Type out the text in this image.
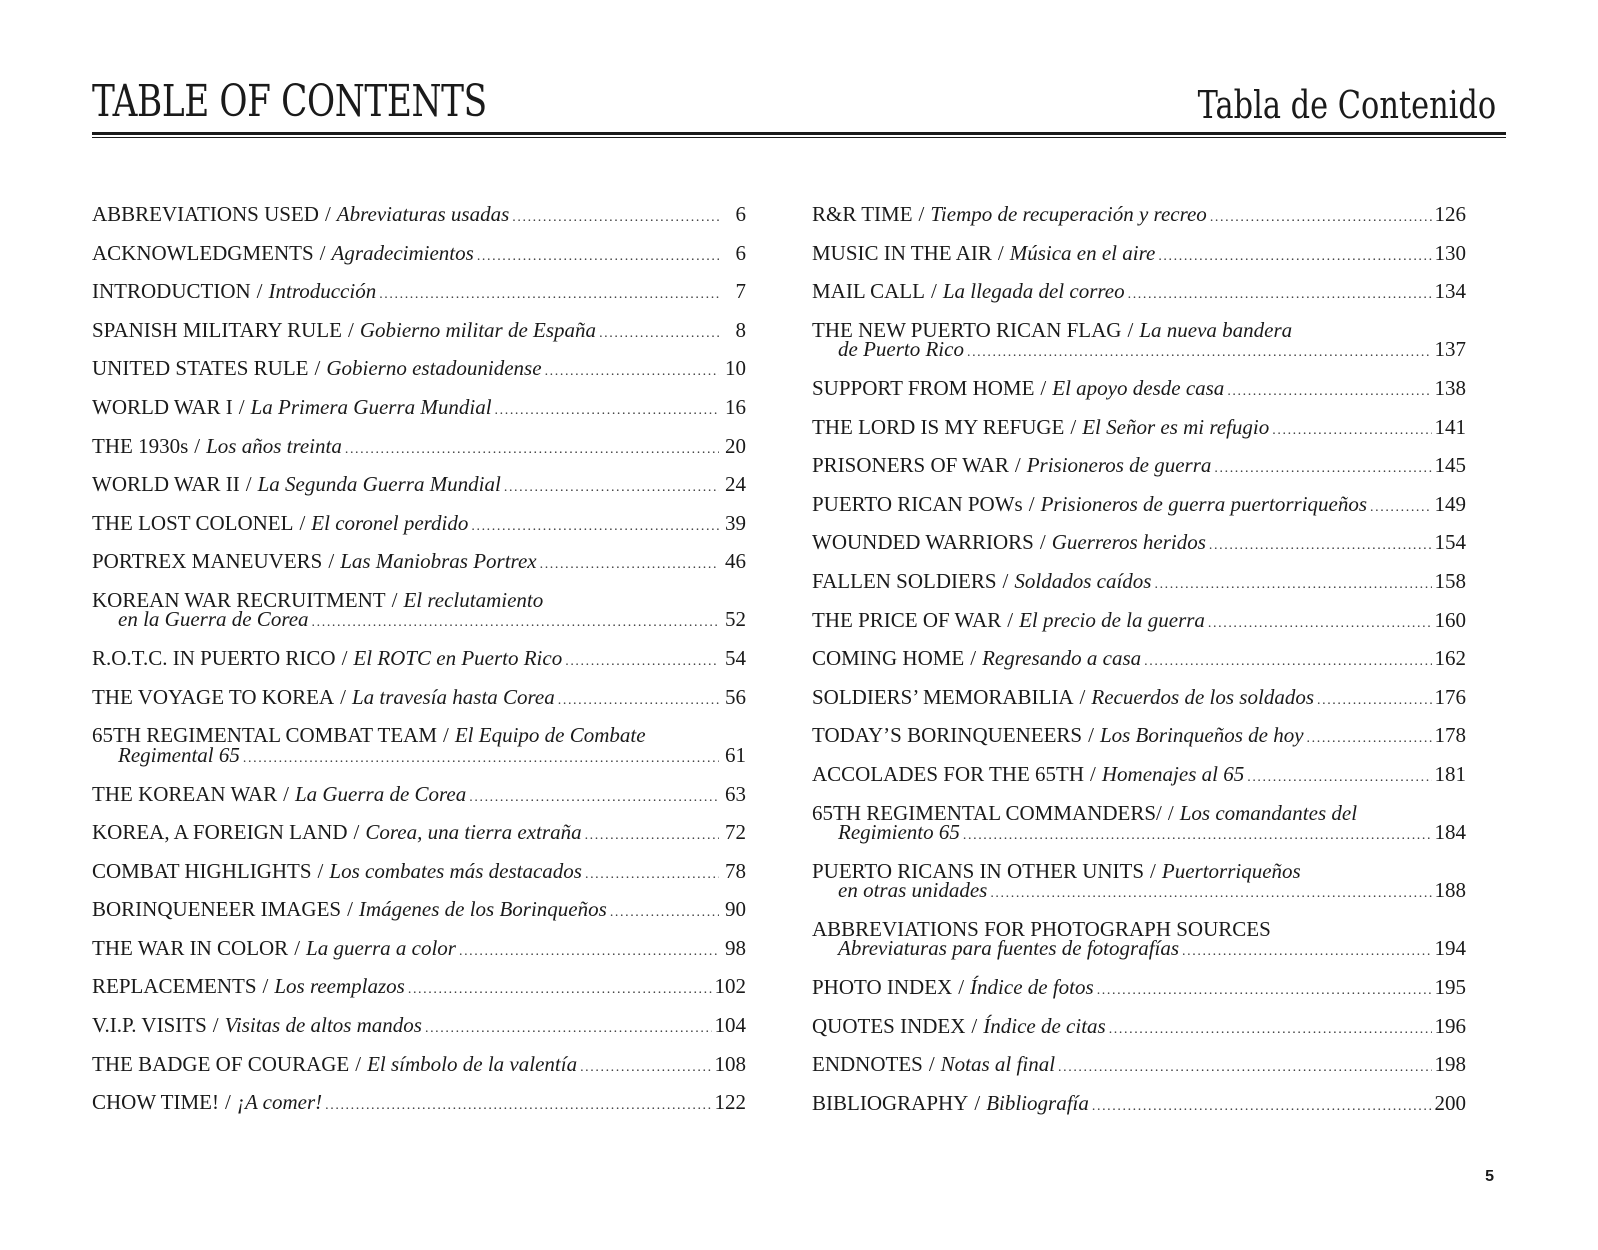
TABLE OF CONTENTS	Tabla de Contenido
ABBREVIATIONS USED / Abreviaturas usadas .....	6
ACKNOWLEDGMENTS / Agradecimientos .....	6
INTRODUCTION / Introducción .....	7
SPANISH MILITARY RULE / Gobierno militar de España .....	8
UNITED STATES RULE / Gobierno estadounidense .....	10
WORLD WAR I / La Primera Guerra Mundial .....	16
THE 1930s / Los años treinta .....	20
WORLD WAR II / La Segunda Guerra Mundial .....	24
THE LOST COLONEL / El coronel perdido .....	39
PORTREX MANEUVERS / Las Maniobras Portrex .....	46
KOREAN WAR RECRUITMENT / El reclutamiento
en la Guerra de Corea .....	52
R.O.T.C. IN PUERTO RICO / El ROTC en Puerto Rico .....	54
THE VOYAGE TO KOREA / La travesía hasta Corea .....	56
65TH REGIMENTAL COMBAT TEAM / El Equipo de Combate
Regimental 65 .....	61
THE KOREAN WAR / La Guerra de Corea .....	63
KOREA, A FOREIGN LAND / Corea, una tierra extraña .....	72
COMBAT HIGHLIGHTS / Los combates más destacados .....	78
BORINQUENEER IMAGES / Imágenes de los Borinqueños .....	90
THE WAR IN COLOR / La guerra a color .....	98
REPLACEMENTS / Los reemplazos .....	102
V.I.P. VISITS / Visitas de altos mandos .....	104
THE BADGE OF COURAGE / El símbolo de la valentía .....	108
CHOW TIME! / ¡A comer! .....	122
R&R TIME / Tiempo de recuperación y recreo .....	126
MUSIC IN THE AIR / Música en el aire .....	130
MAIL CALL / La llegada del correo .....	134
THE NEW PUERTO RICAN FLAG / La nueva bandera
de Puerto Rico .....	137
SUPPORT FROM HOME / El apoyo desde casa .....	138
THE LORD IS MY REFUGE / El Señor es mi refugio .....	141
PRISONERS OF WAR / Prisioneros de guerra .....	145
PUERTO RICAN POWs / Prisioneros de guerra puertorriqueños .....	149
WOUNDED WARRIORS / Guerreros heridos .....	154
FALLEN SOLDIERS / Soldados caídos .....	158
THE PRICE OF WAR / El precio de la guerra .....	160
COMING HOME / Regresando a casa .....	162
SOLDIERS’ MEMORABILIA / Recuerdos de los soldados .....	176
TODAY’S BORINQUENEERS / Los Borinqueños de hoy .....	178
ACCOLADES FOR THE 65TH / Homenajes al 65 .....	181
65TH REGIMENTAL COMMANDERS/ / Los comandantes del
Regimiento 65 .....	184
PUERTO RICANS IN OTHER UNITS / Puertorriqueños
en otras unidades .....	188
ABBREVIATIONS FOR PHOTOGRAPH SOURCES
Abreviaturas para fuentes de fotografías .....	194
PHOTO INDEX / Índice de fotos .....	195
QUOTES INDEX / Índice de citas .....	196
ENDNOTES / Notas al final .....	198
BIBLIOGRAPHY / Bibliografía .....	200
5
